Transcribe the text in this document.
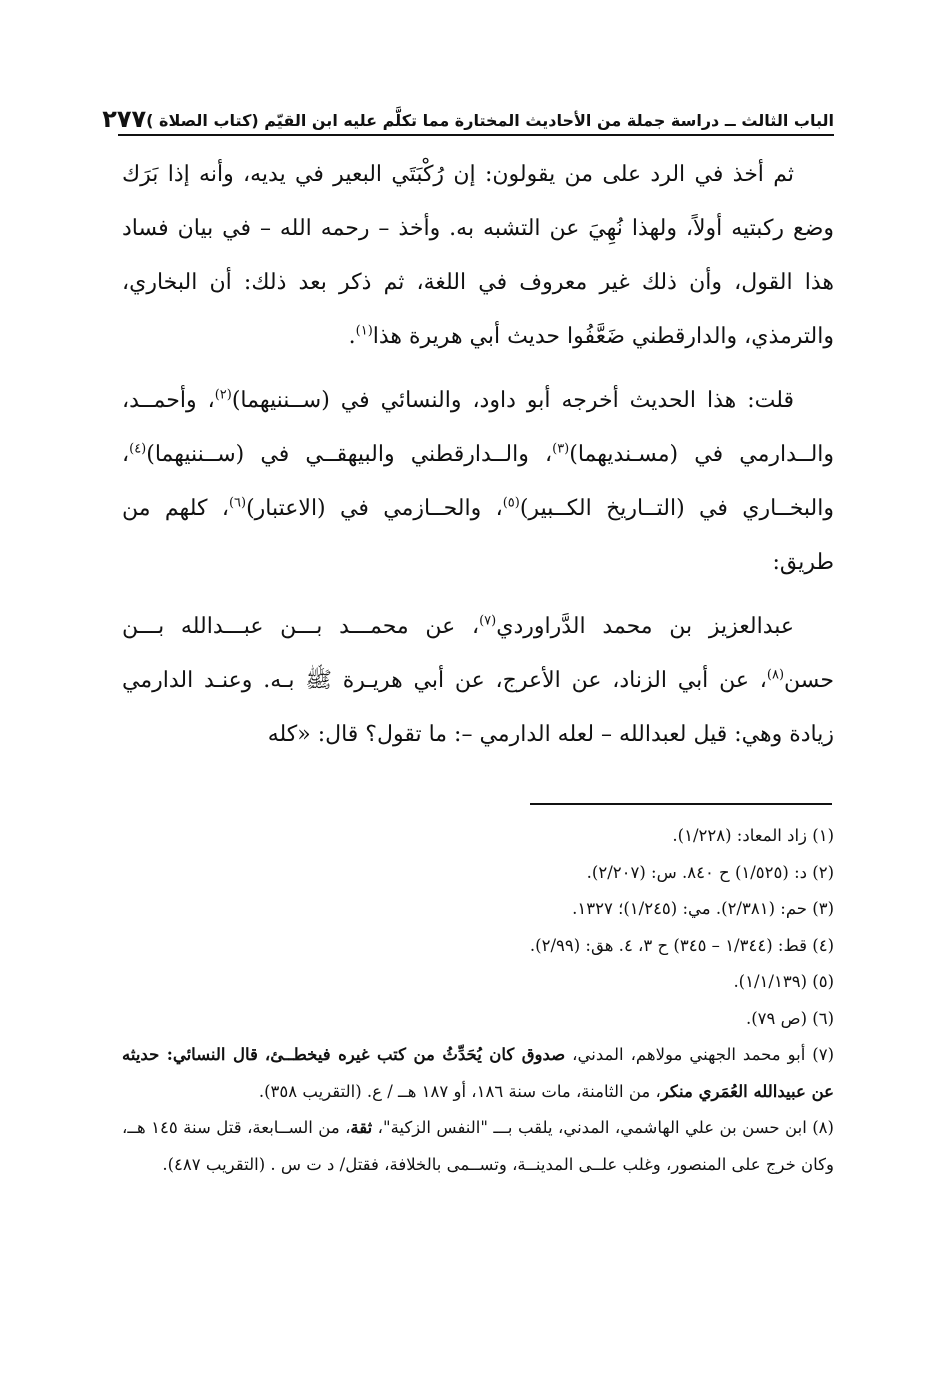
الباب الثالث ــ دراسة جملة من الأحاديث المختارة مما تكلَّم عليه ابن القيّم (كتاب الصلاة )
٢٧٧

ثم أخذ في الرد على من يقولون: إن رُكْبَتَي البعير في يديه، وأنه إذا بَرَك وضع ركبتيه أولاً، ولهذا نُهِيَ عن التشبه به. وأخذ – رحمه الله – في بيان فساد هذا القول، وأن ذلك غير معروف في اللغة، ثم ذكر بعد ذلك: أن البخاري، والترمذي، والدارقطني ضَعَّفُوا حديث أبي هريرة هذا$^{(١)}$.

قلت: هذا الحديث أخرجه أبو داود، والنسائي في (ســننيهما)$^{(٢)}$، وأحمــد، والــدارمي في (مسـنديهما)$^{(٣)}$، والــدارقطني والبيهقــي في (ســننيهما)$^{(٤)}$، والبخــاري في (التــاريخ الكــبير)$^{(٥)}$، والحــازمي في (الاعتبار)$^{(٦)}$، كلهم من طريق:

عبدالعزيز بن محمد الدَّراوردي$^{(٧)}$، عن محمـــد بـــن عبـــدالله بـــن حسن$^{(٨)}$، عن أبي الزناد، عن الأعرج، عن أبي هريـرة ﷺ بـه. وعنـد الدارمي زيادة وهي: قيل لعبدالله – لعله الدارمي –: ما تقول؟ قال: «كله

(١) زاد المعاد: (١/٢٢٨).

(٢) د: (١/٥٢٥) ح ٨٤٠. س: (٢/٢٠٧).

(٣) حم: (٢/٣٨١). مي: (١/٢٤٥)؛ ١٣٢٧.

(٤) قط: (١/٣٤٤ – ٣٤٥) ح ٣، ٤. هق: (٢/٩٩).

(٥) (١/١/١٣٩).

(٦) (ص ٧٩).

(٧) أبو محمد الجهني مولاهم، المدني، صدوق كان يُحَدِّثُ من كتب غيره فيخطــئ، قال النسائي: حديثه عن عبيدالله العُمَري منكر، من الثامنة، مات سنة ١٨٦، أو ١٨٧ هــ / ع. (التقريب ٣٥٨).

(٨) ابن حسن بن علي الهاشمي، المدني، يلقب بـــ "النفس الزكية"، ثقة، من الســابعة، قتل سنة ١٤٥ هــ، وكان خرج على المنصور، وغلب علــى المدينــة، وتســمى بالخلافة، فقتل/ د ت س . (التقريب ٤٨٧).
